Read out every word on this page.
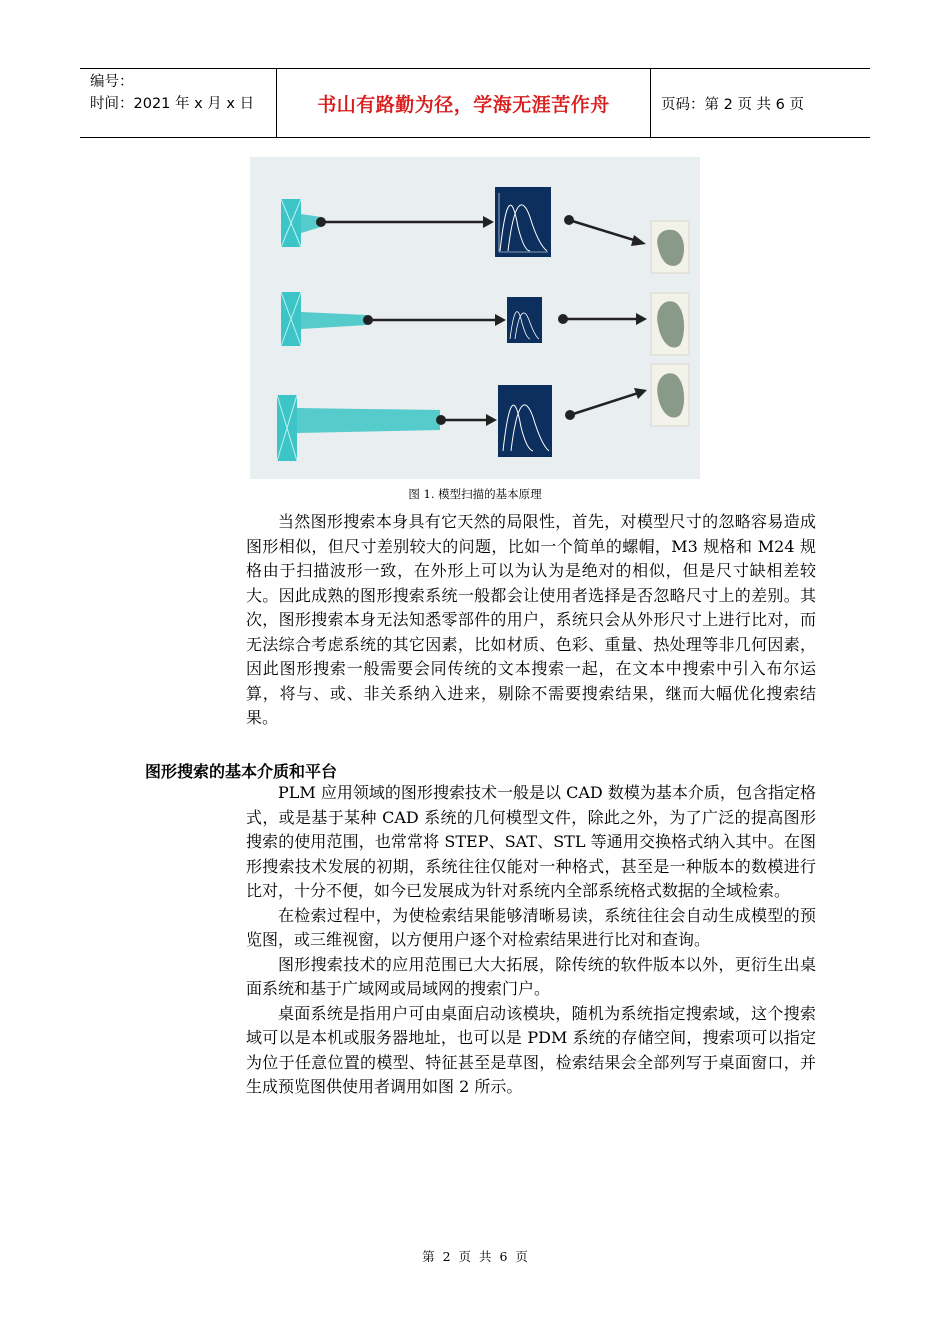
编号：
时间：2021 年 x 月 x 日	书山有路勤为径，学海无涯苦作舟	页码：第 2 页 共 6 页
图 1. 模型扫描的基本原理

当然图形搜索本身具有它天然的局限性，首先，对模型尺寸的忽略容易造成图形相似，但尺寸差别较大的问题，比如一个简单的螺帽，M3 规格和 M24 规格由于扫描波形一致，在外形上可以为认为是绝对的相似，但是尺寸缺相差较大。因此成熟的图形搜索系统一般都会让使用者选择是否忽略尺寸上的差别。其次，图形搜索本身无法知悉零部件的用户，系统只会从外形尺寸上进行比对，而无法综合考虑系统的其它因素，比如材质、色彩、重量、热处理等非几何因素，因此图形搜索一般需要会同传统的文本搜索一起，在文本中搜索中引入布尔运算，将与、或、非关系纳入进来，剔除不需要搜索结果，继而大幅优化搜索结果。

图形搜索的基本介质和平台

PLM 应用领域的图形搜索技术一般是以 CAD 数模为基本介质，包含指定格式，或是基于某种 CAD 系统的几何模型文件，除此之外，为了广泛的提高图形搜索的使用范围，也常常将 STEP、SAT、STL 等通用交换格式纳入其中。在图形搜索技术发展的初期，系统往往仅能对一种格式，甚至是一种版本的数模进行比对，十分不便，如今已发展成为针对系统内全部系统格式数据的全域检索。

在检索过程中，为使检索结果能够清晰易读，系统往往会自动生成模型的预览图，或三维视窗，以方便用户逐个对检索结果进行比对和查询。

图形搜索技术的应用范围已大大拓展，除传统的软件版本以外，更衍生出桌面系统和基于广域网或局域网的搜索门户。

桌面系统是指用户可由桌面启动该模块，随机为系统指定搜索域，这个搜索域可以是本机或服务器地址，也可以是 PDM 系统的存储空间，搜索项可以指定为位于任意位置的模型、特征甚至是草图，检索结果会全部列写于桌面窗口，并生成预览图供使用者调用如图 2 所示。

第 2 页 共 6 页
